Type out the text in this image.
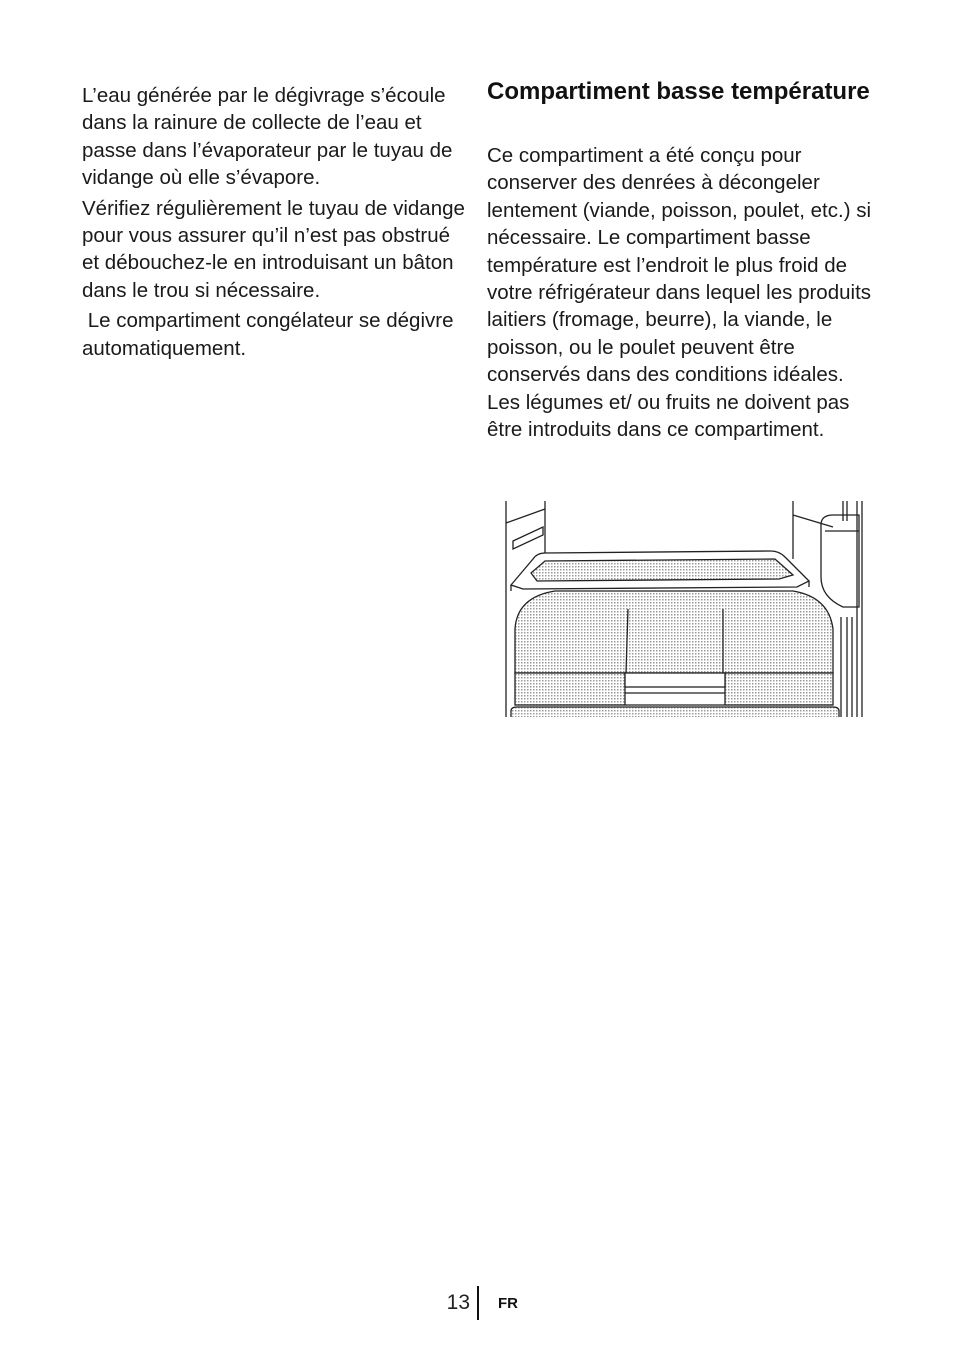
L’eau générée par le dégivrage s’écoule dans la rainure de collecte de l’eau et passe dans l’évaporateur par le tuyau de vidange où elle s’évapore.

Vérifiez régulièrement le tuyau de vidange pour vous assurer qu’il n’est pas obstrué et débouchez-le en introduisant un bâton dans le trou si nécessaire.

Le compartiment congélateur se dégivre automatiquement.

Compartiment basse température

Ce compartiment a été conçu pour conserver des denrées à décongeler lentement (viande, poisson, poulet, etc.) si nécessaire. Le compartiment basse température est l’endroit le plus froid de votre réfrigérateur dans lequel les produits laitiers (fromage, beurre), la viande, le poisson, ou le poulet peuvent être conservés dans des conditions idéales. Les légumes et/ ou fruits ne doivent pas être introduits dans ce compartiment.

13 FR
